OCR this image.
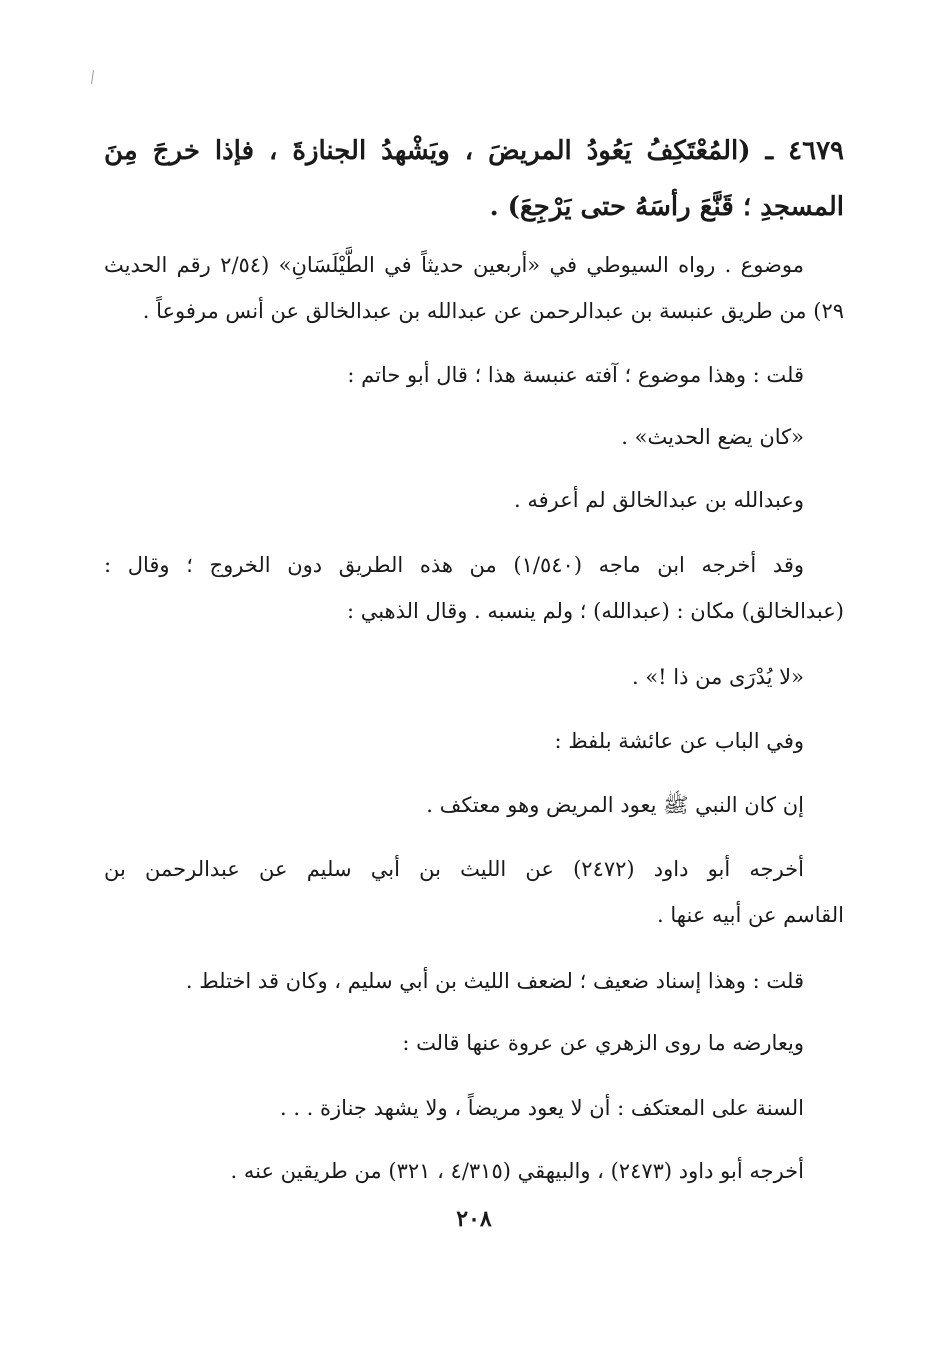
٤٦٧٩ ـ (المُعْتَكِفُ يَعُودُ المريضَ ، ويَشْهدُ الجنازةَ ، فإذا خرجَ مِنَ
المسجدِ ؛ قَنَّعَ رأسَهُ حتى يَرْجِعَ) .
موضوع . رواه السيوطي في «أربعين حديثاً في الطَّيْلَسَانِ» (٢/٥٤ رقم الحديث
٢٩) من طريق عنبسة بن عبدالرحمن عن عبدالله بن عبدالخالق عن أنس مرفوعاً .
قلت : وهذا موضوع ؛ آفته عنبسة هذا ؛ قال أبو حاتم :
«كان يضع الحديث» .
وعبدالله بن عبدالخالق لم أعرفه .
وقد أخرجه ابن ماجه (١/٥٤٠) من هذه الطريق دون الخروج ؛ وقال :
(عبدالخالق) مكان : (عبدالله) ؛ ولم ينسبه . وقال الذهبي :
«لا يُدْرَى من ذا !» .
وفي الباب عن عائشة بلفظ :
إن كان النبي ﷺ يعود المريض وهو معتكف .
أخرجه أبو داود (٢٤٧٢) عن الليث بن أبي سليم عن عبدالرحمن بن
القاسم عن أبيه عنها .
قلت : وهذا إسناد ضعيف ؛ لضعف الليث بن أبي سليم ، وكان قد اختلط .
ويعارضه ما روى الزهري عن عروة عنها قالت :
السنة على المعتكف : أن لا يعود مريضاً ، ولا يشهد جنازة . . .
أخرجه أبو داود (٢٤٧٣) ، والبيهقي (٤/٣١٥ ، ٣٢١) من طريقين عنه .
٢٠٨
